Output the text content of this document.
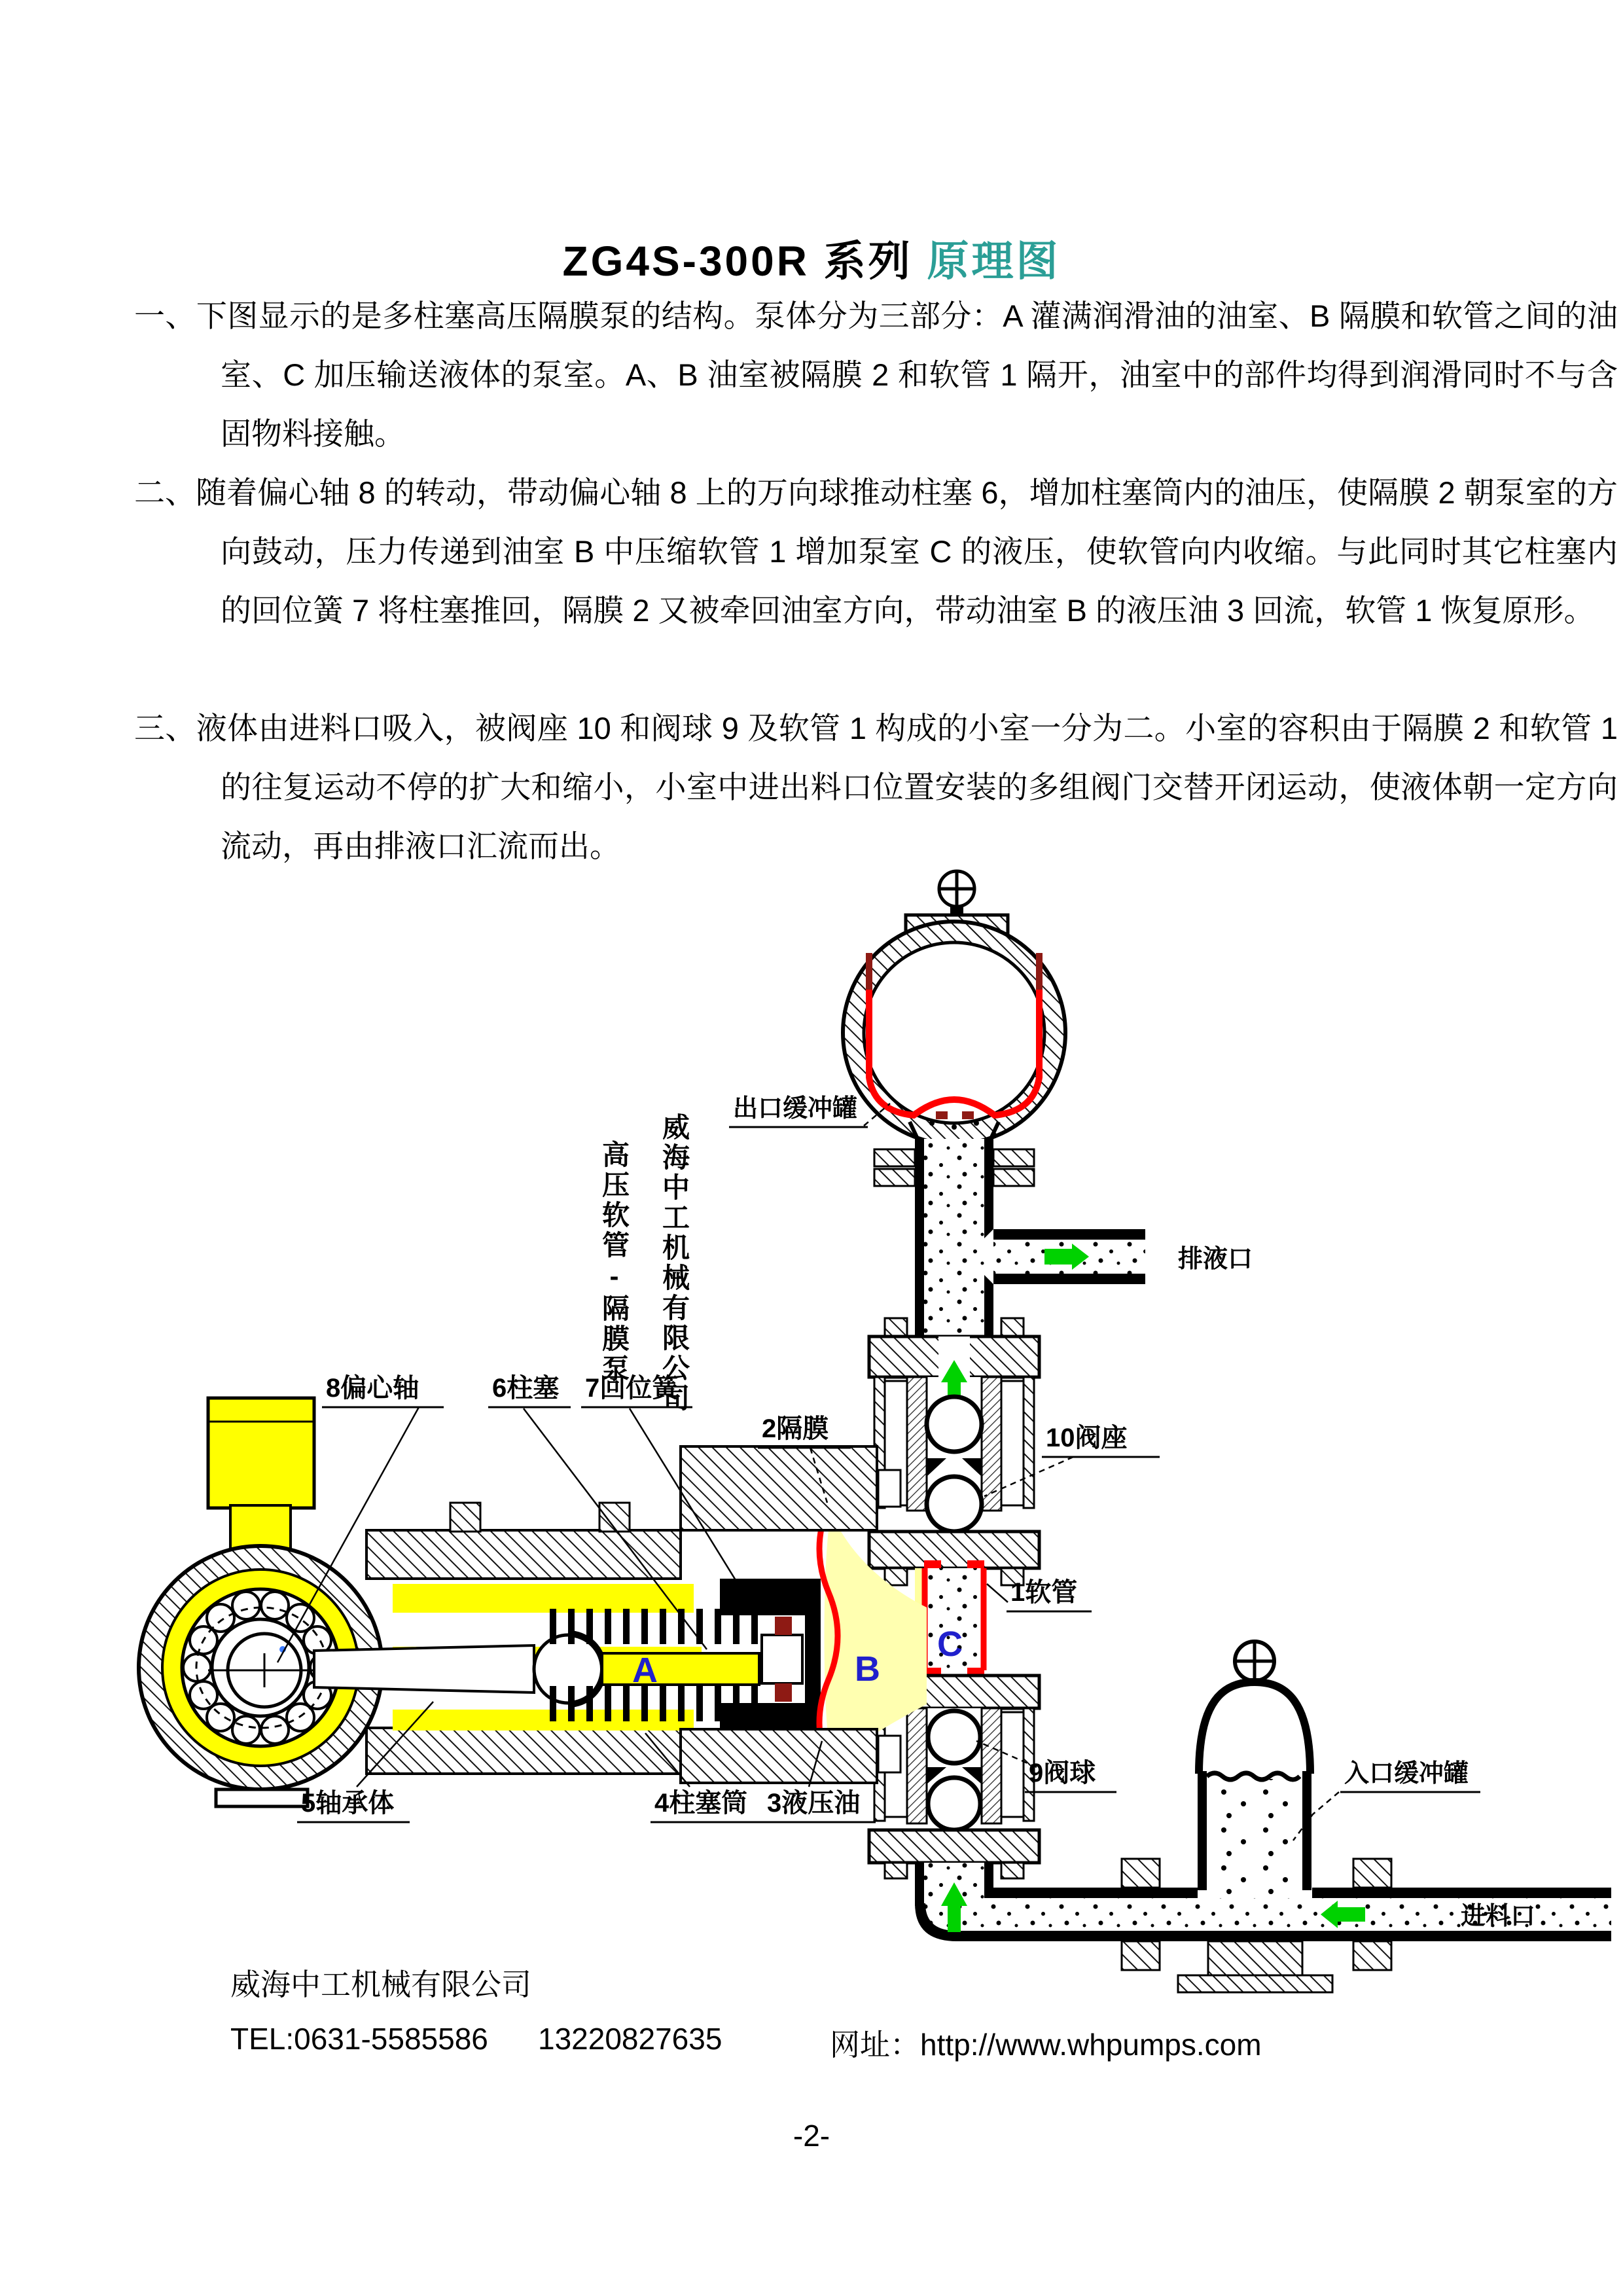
ZG4S-300R 系列 原理图
一、下图显示的是多柱塞高压隔膜泵的结构。泵体分为三部分：A 灌满润滑油的油室、B 隔膜和软管之间的油室、C 加压输送液体的泵室。A、B 油室被隔膜 2 和软管 1 隔开，油室中的部件均得到润滑同时不与含固物料接触。
二、随着偏心轴 8 的转动，带动偏心轴 8 上的万向球推动柱塞 6，增加柱塞筒内的油压，使隔膜 2 朝泵室的方向鼓动，压力传递到油室 B 中压缩软管 1 增加泵室 C 的液压，使软管向内收缩。与此同时其它柱塞内的回位簧 7 将柱塞推回，隔膜 2 又被牵回油室方向，带动油室 B 的液压油 3 回流，软管 1 恢复原形。
三、液体由进料口吸入，被阀座 10 和阀球 9 及软管 1 构成的小室一分为二。小室的容积由于隔膜 2 和软管 1 的往复运动不停的扩大和缩小，小室中进出料口位置安装的多组阀门交替开闭运动，使液体朝一定方向流动，再由排液口汇流而出。
出口缓冲罐
排液口
10阀座
2隔膜
8偏心轴	6柱塞 7回位簧
5轴承体	4柱塞筒 3液压油
1软管
9阀球	入口缓冲罐
进料口
A	B
C
威海中工机械有限公司
高压软管-隔膜泵
威海中工机械有限公司
TEL:0631-5585586 13220827635	网址：http://www.whpumps.com
-2-
